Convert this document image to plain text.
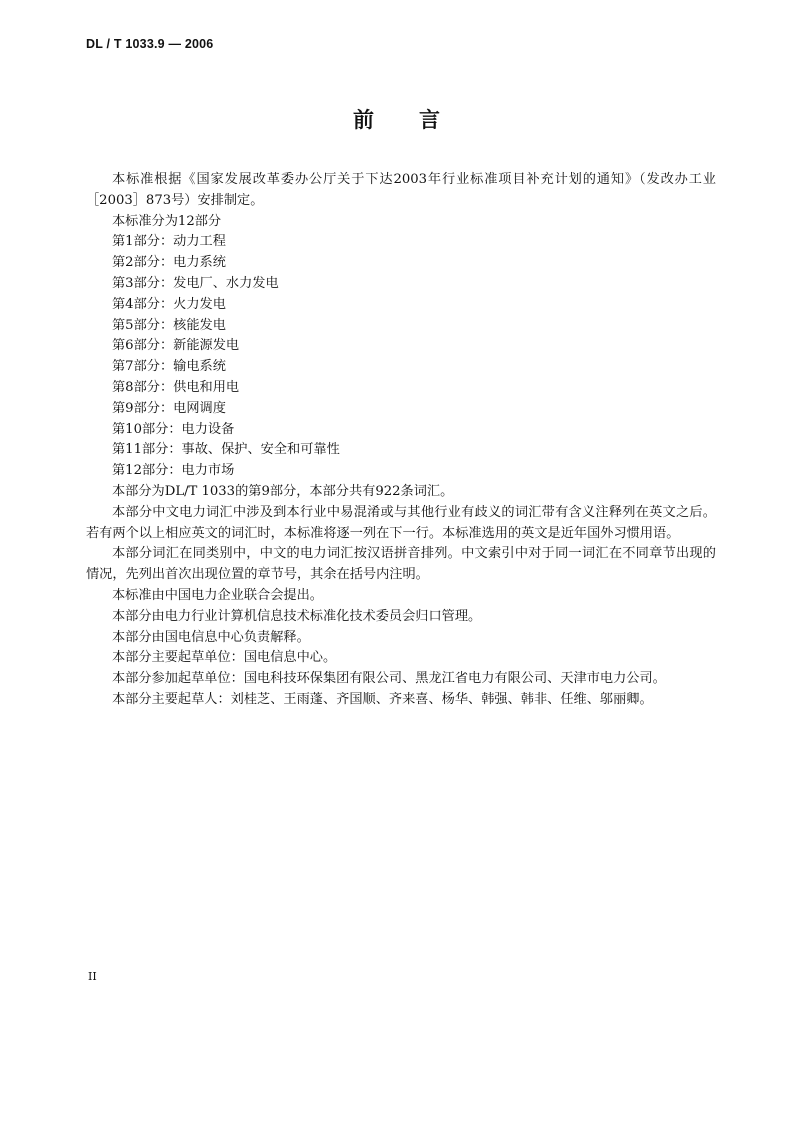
DL / T 1033.9 — 2006
前 言

本标准根据《国家发展改革委办公厅关于下达2003年行业标准项目补充计划的通知》（发改办工业［2003］873号）安排制定。

本标准分为12部分

第1部分：动力工程

第2部分：电力系统

第3部分：发电厂、水力发电

第4部分：火力发电

第5部分：核能发电

第6部分：新能源发电

第7部分：输电系统

第8部分：供电和用电

第9部分：电网调度

第10部分：电力设备

第11部分：事故、保护、安全和可靠性

第12部分：电力市场

本部分为DL/T 1033的第9部分，本部分共有922条词汇。

本部分中文电力词汇中涉及到本行业中易混淆或与其他行业有歧义的词汇带有含义注释列在英文之后。若有两个以上相应英文的词汇时，本标准将逐一列在下一行。本标准选用的英文是近年国外习惯用语。

本部分词汇在同类别中，中文的电力词汇按汉语拼音排列。中文索引中对于同一词汇在不同章节出现的情况，先列出首次出现位置的章节号，其余在括号内注明。

本标准由中国电力企业联合会提出。

本部分由电力行业计算机信息技术标准化技术委员会归口管理。

本部分由国电信息中心负责解释。

本部分主要起草单位：国电信息中心。

本部分参加起草单位：国电科技环保集团有限公司、黑龙江省电力有限公司、天津市电力公司。

本部分主要起草人：刘桂芝、王雨蓬、齐国顺、齐来喜、杨华、韩强、韩非、任维、邬丽卿。

II
